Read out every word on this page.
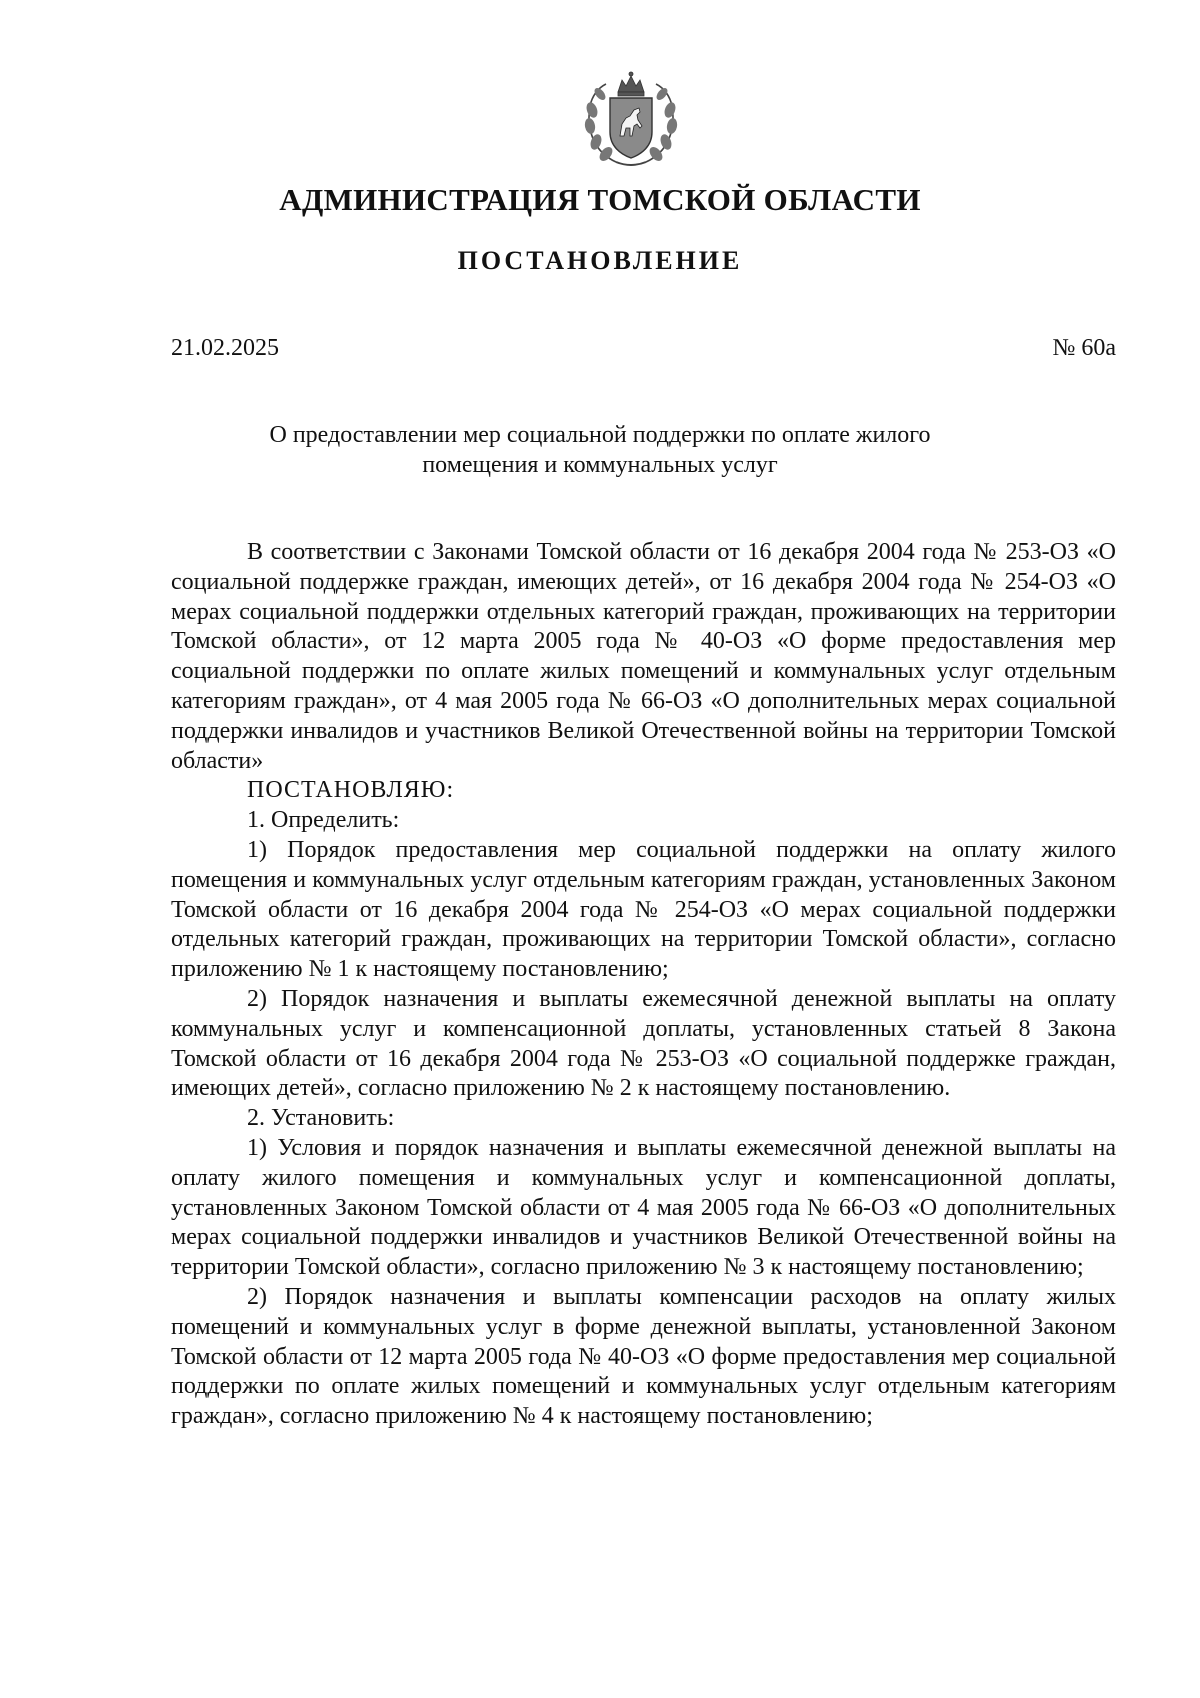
АДМИНИСТРАЦИЯ ТОМСКОЙ ОБЛАСТИ
ПОСТАНОВЛЕНИЕ
21.02.2025	№ 60а
О предоставлении мер социальной поддержки по оплате жилого
помещения и коммунальных услуг

В соответствии с Законами Томской области от 16 декабря 2004 года № 253-ОЗ «О социальной поддержке граждан, имеющих детей», от 16 декабря 2004 года № 254-ОЗ «О мерах социальной поддержки отдельных категорий граждан, проживающих на территории Томской области», от 12 марта 2005 года № 40-ОЗ «О форме предоставления мер социальной поддержки по оплате жилых помещений и коммунальных услуг отдельным категориям граждан», от 4 мая 2005 года № 66-ОЗ «О дополнительных мерах социальной поддержки инвалидов и участников Великой Отечественной войны на территории Томской области»

ПОСТАНОВЛЯЮ:

1. Определить:

1) Порядок предоставления мер социальной поддержки на оплату жилого помещения и коммунальных услуг отдельным категориям граждан, установленных Законом Томской области от 16 декабря 2004 года № 254-ОЗ «О мерах социальной поддержки отдельных категорий граждан, проживающих на территории Томской области», согласно приложению № 1 к настоящему постановлению;

2) Порядок назначения и выплаты ежемесячной денежной выплаты на оплату коммунальных услуг и компенсационной доплаты, установленных статьей 8 Закона Томской области от 16 декабря 2004 года № 253-ОЗ «О социальной поддержке граждан, имеющих детей», согласно приложению № 2 к настоящему постановлению.

2. Установить:

1) Условия и порядок назначения и выплаты ежемесячной денежной выплаты на оплату жилого помещения и коммунальных услуг и компенсационной доплаты, установленных Законом Томской области от 4 мая 2005 года № 66-ОЗ «О дополнительных мерах социальной поддержки инвалидов и участников Великой Отечественной войны на территории Томской области», согласно приложению № 3 к настоящему постановлению;

2) Порядок назначения и выплаты компенсации расходов на оплату жилых помещений и коммунальных услуг в форме денежной выплаты, установленной Законом Томской области от 12 марта 2005 года № 40-ОЗ «О форме предоставления мер социальной поддержки по оплате жилых помещений и коммунальных услуг отдельным категориям граждан», согласно приложению № 4 к настоящему постановлению;
